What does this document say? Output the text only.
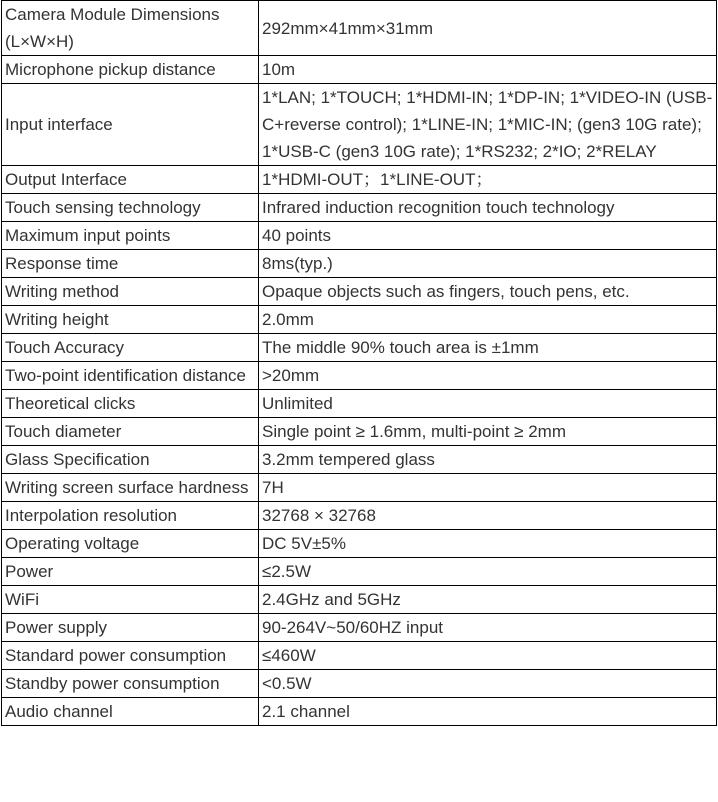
Camera Module Dimensions (L×W×H)	292mm×41mm×31mm
Microphone pickup distance	10m
Input interface	1*LAN; 1*TOUCH; 1*HDMI-IN; 1*DP-IN; 1*VIDEO-IN (USB-C+reverse control); 1*LINE-IN; 1*MIC-IN; (gen3 10G rate); 1*USB-C (gen3 10G rate); 1*RS232; 2*IO; 2*RELAY
Output Interface	1*HDMI-OUT；1*LINE-OUT；
Touch sensing technology	Infrared induction recognition touch technology
Maximum input points	40 points
Response time	8ms(typ.)
Writing method	Opaque objects such as fingers, touch pens, etc.
Writing height	2.0mm
Touch Accuracy	The middle 90% touch area is ±1mm
Two-point identification distance	>20mm
Theoretical clicks	Unlimited
Touch diameter	Single point ≥ 1.6mm, multi-point ≥ 2mm
Glass Specification	3.2mm tempered glass
Writing screen surface hardness	7H
Interpolation resolution	32768 × 32768
Operating voltage	DC 5V±5%
Power	≤2.5W
WiFi	2.4GHz and 5GHz
Power supply	90-264V~50/60HZ input
Standard power consumption	≤460W
Standby power consumption	<0.5W
Audio channel	2.1 channel
